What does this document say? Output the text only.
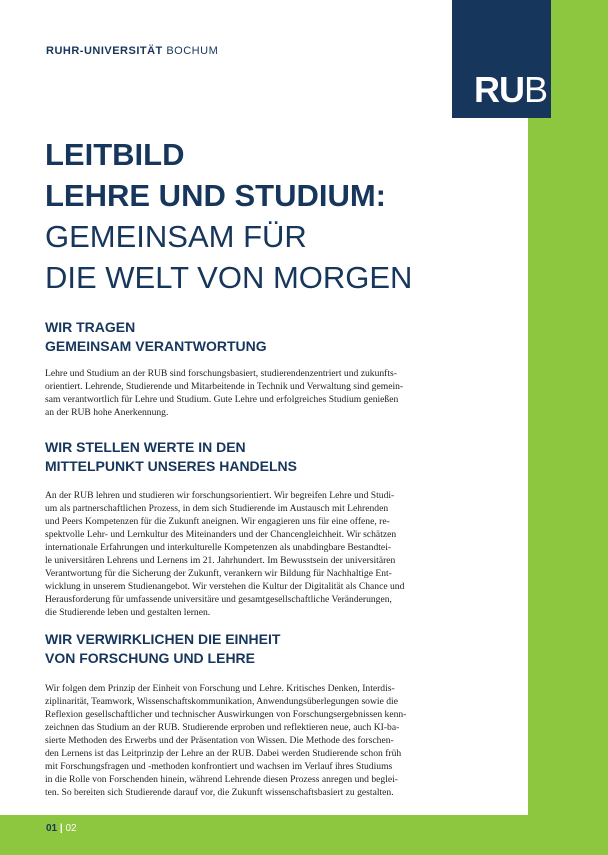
RUB
RUHR-UNIVERSITÄT BOCHUM
LEITBILD
LEHRE UND STUDIUM:
GEMEINSAM FÜR
DIE WELT VON MORGEN
WIR TRAGEN
GEMEINSAM VERANTWORTUNG
Lehre und Studium an der RUB sind forschungsbasiert, studierendenzentriert und zukunfts-
orientiert. Lehrende, Studierende und Mitarbeitende in Technik und Verwaltung sind gemein-
sam verantwortlich für Lehre und Studium. Gute Lehre und erfolgreiches Studium genießen
an der RUB hohe Anerkennung.
WIR STELLEN WERTE IN DEN
MITTELPUNKT UNSERES HANDELNS
An der RUB lehren und studieren wir forschungsorientiert. Wir begreifen Lehre und Studi-
um als partnerschaftlichen Prozess, in dem sich Studierende im Austausch mit Lehrenden
und Peers Kompetenzen für die Zukunft aneignen. Wir engagieren uns für eine offene, re-
spektvolle Lehr- und Lernkultur des Miteinanders und der Chancengleichheit. Wir schätzen
internationale Erfahrungen und interkulturelle Kompetenzen als unabdingbare Bestandtei-
le universitären Lehrens und Lernens im 21. Jahrhundert. Im Bewusstsein der universitären
Verantwortung für die Sicherung der Zukunft, verankern wir Bildung für Nachhaltige Ent-
wicklung in unserem Studienangebot. Wir verstehen die Kultur der Digitalität als Chance und
Herausforderung für umfassende universitäre und gesamtgesellschaftliche Veränderungen,
die Studierende leben und gestalten lernen.
WIR VERWIRKLICHEN DIE EINHEIT
VON FORSCHUNG UND LEHRE
Wir folgen dem Prinzip der Einheit von Forschung und Lehre. Kritisches Denken, Interdis-
ziplinarität, Teamwork, Wissenschaftskommunikation, Anwendungsüberlegungen sowie die
Reflexion gesellschaftlicher und technischer Auswirkungen von Forschungsergebnissen kenn-
zeichnen das Studium an der RUB. Studierende erproben und reflektieren neue, auch KI-ba-
sierte Methoden des Erwerbs und der Präsentation von Wissen. Die Methode des forschen-
den Lernens ist das Leitprinzip der Lehre an der RUB. Dabei werden Studierende schon früh
mit Forschungsfragen und -methoden konfrontiert und wachsen im Verlauf ihres Studiums
in die Rolle von Forschenden hinein, während Lehrende diesen Prozess anregen und beglei-
ten. So bereiten sich Studierende darauf vor, die Zukunft wissenschaftsbasiert zu gestalten.
01 | 02
